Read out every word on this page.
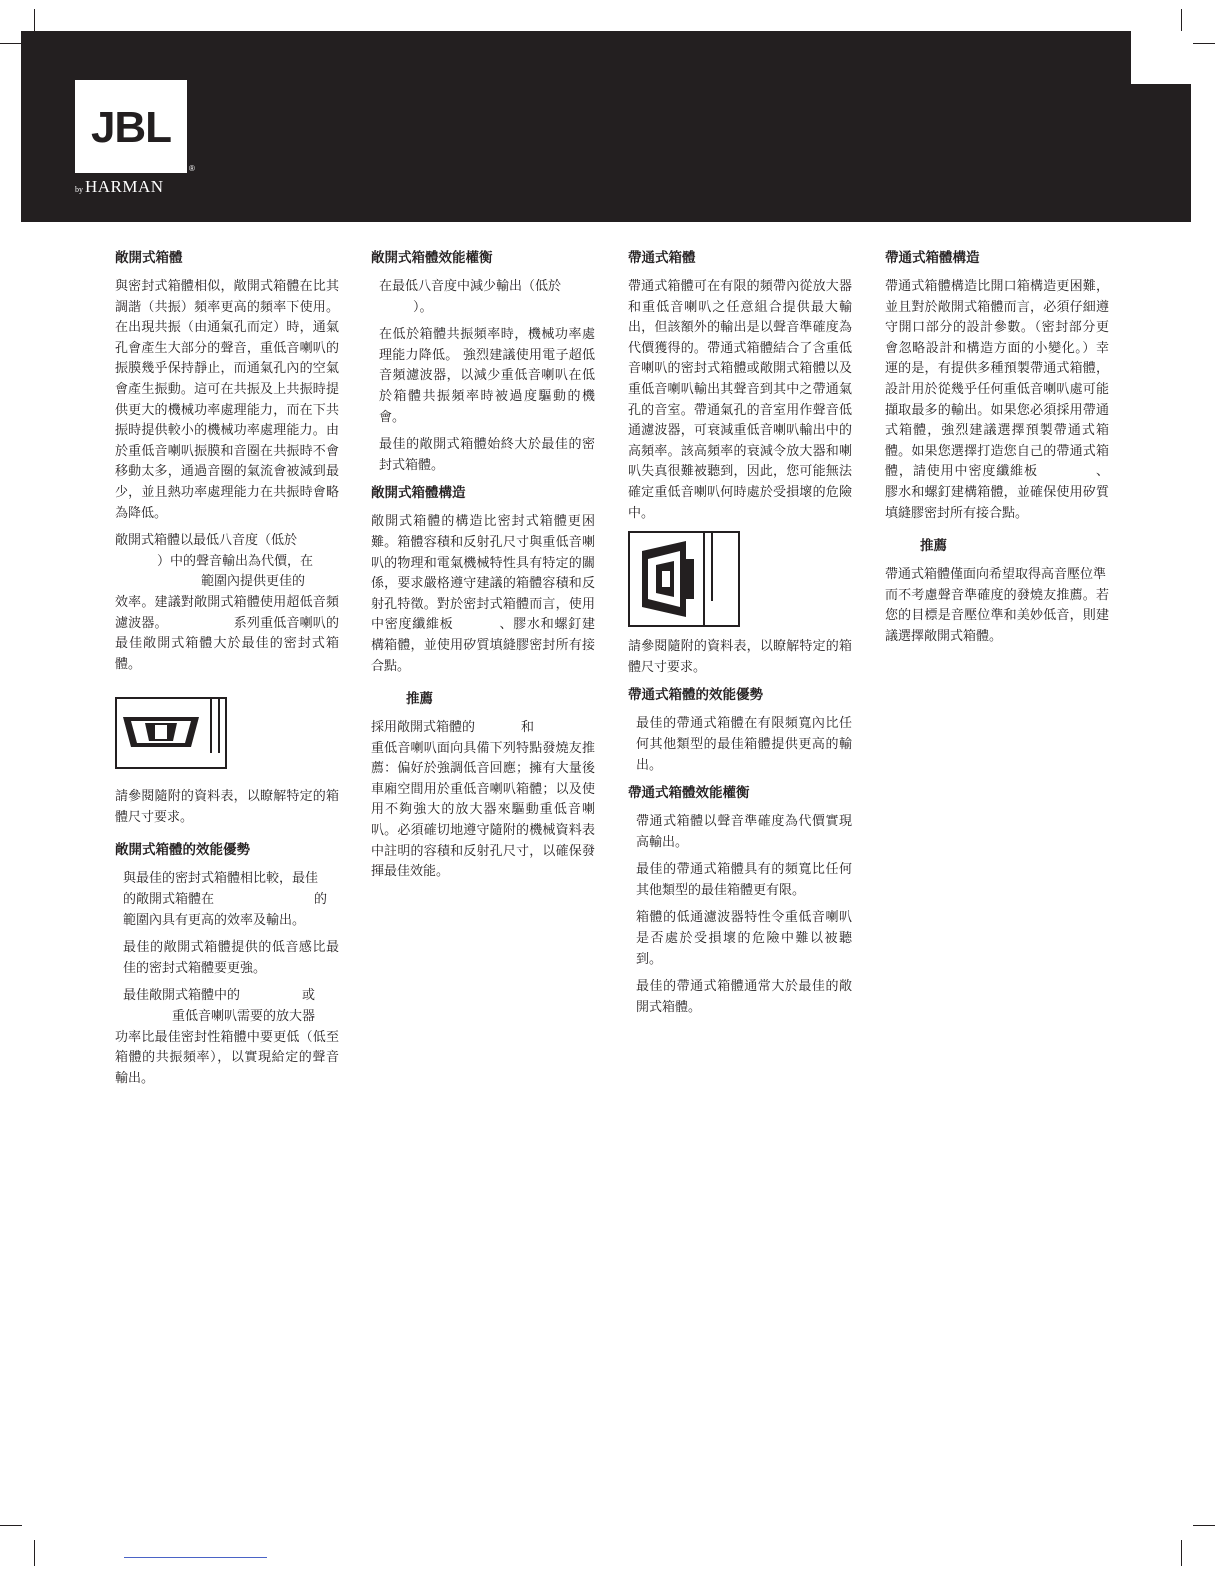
JBL
®
by HARMAN
敞開式箱體

與密封式箱體相似，敞開式箱體在比其調諧（共振）頻率更高的頻率下使用。在出現共振（由通氣孔而定）時，通氣孔會產生大部分的聲音，重低音喇叭的振膜幾乎保持靜止，而通氣孔內的空氣會產生振動。這可在共振及上共振時提供更大的機械功率處理能力，而在下共振時提供較小的機械功率處理能力。由於重低音喇叭振膜和音圈在共振時不會移動太多，通過音圈的氣流會被減到最少，並且熱功率處理能力在共振時會略為降低。

敞開式箱體以最低八音度（低於
）中的聲音輸出為代價，在
範圍內提供更佳的
效率。建議對敞開式箱體使用超低音頻濾波器。	系列重低音喇叭的最佳敞開式箱體大於最佳的密封式箱體。

請參閱隨附的資料表，以瞭解特定的箱體尺寸要求。

敞開式箱體的效能優勢

與最佳的密封式箱體相比較，最佳
的敞開式箱體在	的
範圍內具有更高的效率及輸出。

最佳的敞開式箱體提供的低音感比最佳的密封式箱體要更強。

最佳敞開式箱體中的	或
重低音喇叭需要的放大器
功率比最佳密封性箱體中要更低（低至箱體的共振頻率），以實現給定的聲音輸出。

敞開式箱體效能權衡

在最低八音度中減少輸出（低於
）。

在低於箱體共振頻率時，機械功率處理能力降低。 強烈建議使用電子超低音頻濾波器，以減少重低音喇叭在低於箱體共振頻率時被過度驅動的機會。

最佳的敞開式箱體始終大於最佳的密封式箱體。

敞開式箱體構造

敞開式箱體的構造比密封式箱體更困難。箱體容積和反射孔尺寸與重低音喇叭的物理和電氣機械特性具有特定的關係，要求嚴格遵守建議的箱體容積和反射孔特徵。對於密封式箱體而言，使用中密度纖維板	、膠水和螺釘建構箱體，並使用矽質填縫膠密封所有接合點。

推薦

採用敞開式箱體的	和
重低音喇叭面向具備下列特點發燒友推薦：偏好於強調低音回應；擁有大量後車廂空間用於重低音喇叭箱體；以及使用不夠強大的放大器來驅動重低音喇叭。必須確切地遵守隨附的機械資料表中註明的容積和反射孔尺寸，以確保發揮最佳效能。

帶通式箱體

帶通式箱體可在有限的頻帶內從放大器和重低音喇叭之任意組合提供最大輸出，但該額外的輸出是以聲音準確度為代價獲得的。帶通式箱體結合了含重低音喇叭的密封式箱體或敞開式箱體以及重低音喇叭輸出其聲音到其中之帶通氣孔的音室。帶通氣孔的音室用作聲音低通濾波器，可衰減重低音喇叭輸出中的高頻率。該高頻率的衰減令放大器和喇叭失真很難被聽到，因此，您可能無法確定重低音喇叭何時處於受損壞的危險中。

請參閱隨附的資料表，以瞭解特定的箱體尺寸要求。

帶通式箱體的效能優勢

最佳的帶通式箱體在有限頻寬內比任何其他類型的最佳箱體提供更高的輸出。

帶通式箱體效能權衡

帶通式箱體以聲音準確度為代價實現高輸出。

最佳的帶通式箱體具有的頻寬比任何其他類型的最佳箱體更有限。

箱體的低通濾波器特性令重低音喇叭是否處於受損壞的危險中難以被聽到。

最佳的帶通式箱體通常大於最佳的敞開式箱體。

帶通式箱體構造

帶通式箱體構造比開口箱構造更困難，並且對於敞開式箱體而言，必須仔細遵守開口部分的設計參數。（密封部分更會忽略設計和構造方面的小變化。）幸運的是，有提供多種預製帶通式箱體，設計用於從幾乎任何重低音喇叭處可能擷取最多的輸出。如果您必須採用帶通式箱體，強烈建議選擇預製帶通式箱體。如果您選擇打造您自己的帶通式箱體，請使用中密度纖維板	、膠水和螺釘建構箱體，並確保使用矽質填縫膠密封所有接合點。

推薦

帶通式箱體僅面向希望取得高音壓位準而不考慮聲音準確度的發燒友推薦。若您的目標是音壓位準和美妙低音，則建議選擇敞開式箱體。
